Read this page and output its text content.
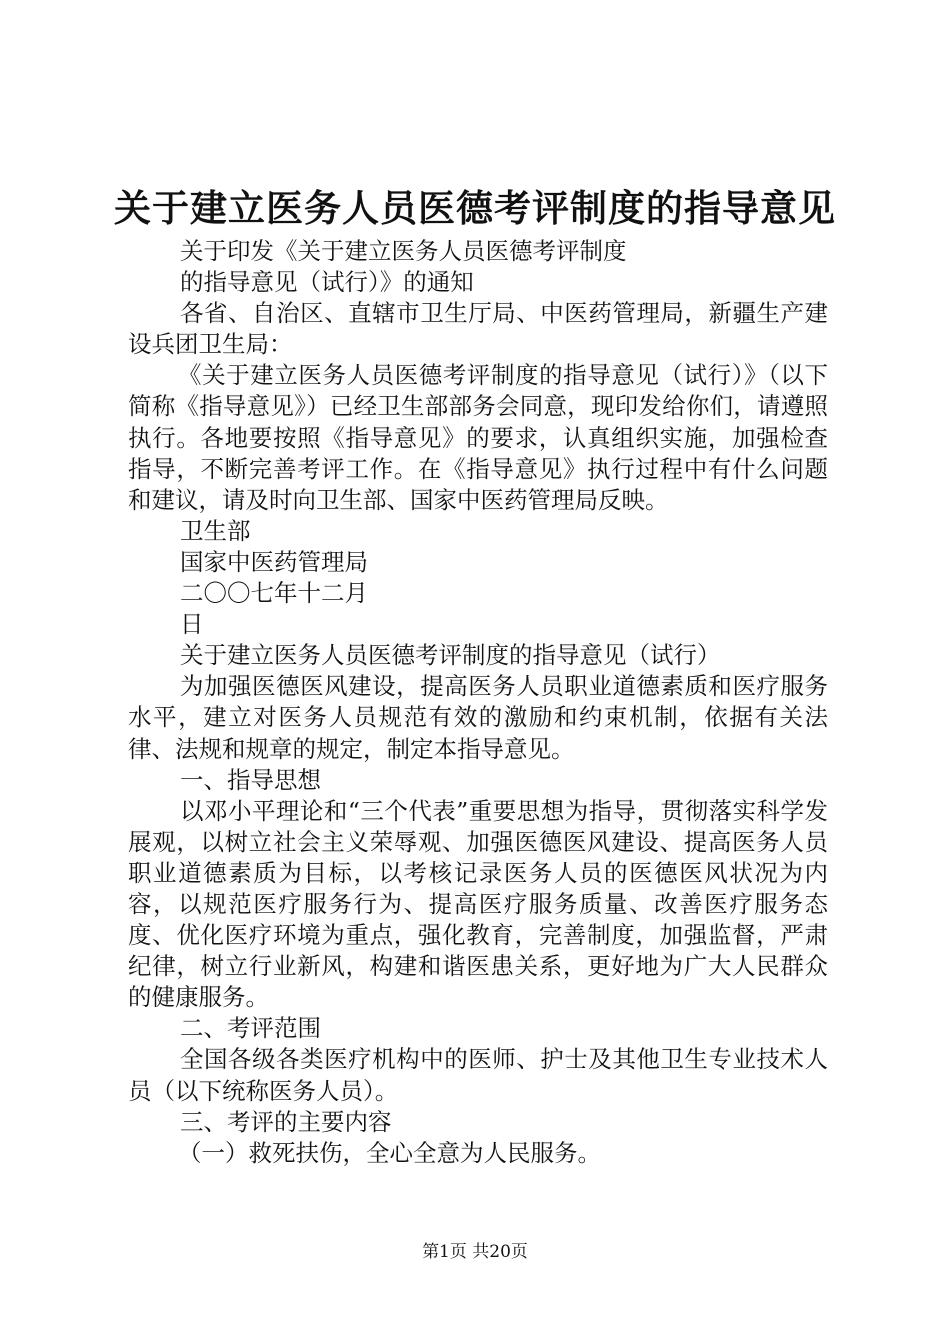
关于建立医务人员医德考评制度的指导意见

关于印发《关于建立医务人员医德考评制度

的指导意见（试行）》的通知

各省、自治区、直辖市卫生厅局、中医药管理局，新疆生产建设兵团卫生局：

《关于建立医务人员医德考评制度的指导意见（试行）》（以下简称《指导意见》）已经卫生部部务会同意，现印发给你们，请遵照执行。各地要按照《指导意见》的要求，认真组织实施，加强检查指导，不断完善考评工作。在《指导意见》执行过程中有什么问题和建议，请及时向卫生部、国家中医药管理局反映。

卫生部

国家中医药管理局

二〇〇七年十二月

日

关于建立医务人员医德考评制度的指导意见（试行）

为加强医德医风建设，提高医务人员职业道德素质和医疗服务水平，建立对医务人员规范有效的激励和约束机制，依据有关法律、法规和规章的规定，制定本指导意见。

一、指导思想

以邓小平理论和“三个代表”重要思想为指导，贯彻落实科学发展观，以树立社会主义荣辱观、加强医德医风建设、提高医务人员职业道德素质为目标，以考核记录医务人员的医德医风状况为内容，以规范医疗服务行为、提高医疗服务质量、改善医疗服务态度、优化医疗环境为重点，强化教育，完善制度，加强监督，严肃纪律，树立行业新风，构建和谐医患关系，更好地为广大人民群众的健康服务。

二、考评范围

全国各级各类医疗机构中的医师、护士及其他卫生专业技术人员（以下统称医务人员）。

三、考评的主要内容

（一）救死扶伤，全心全意为人民服务。

第1页 共20页
